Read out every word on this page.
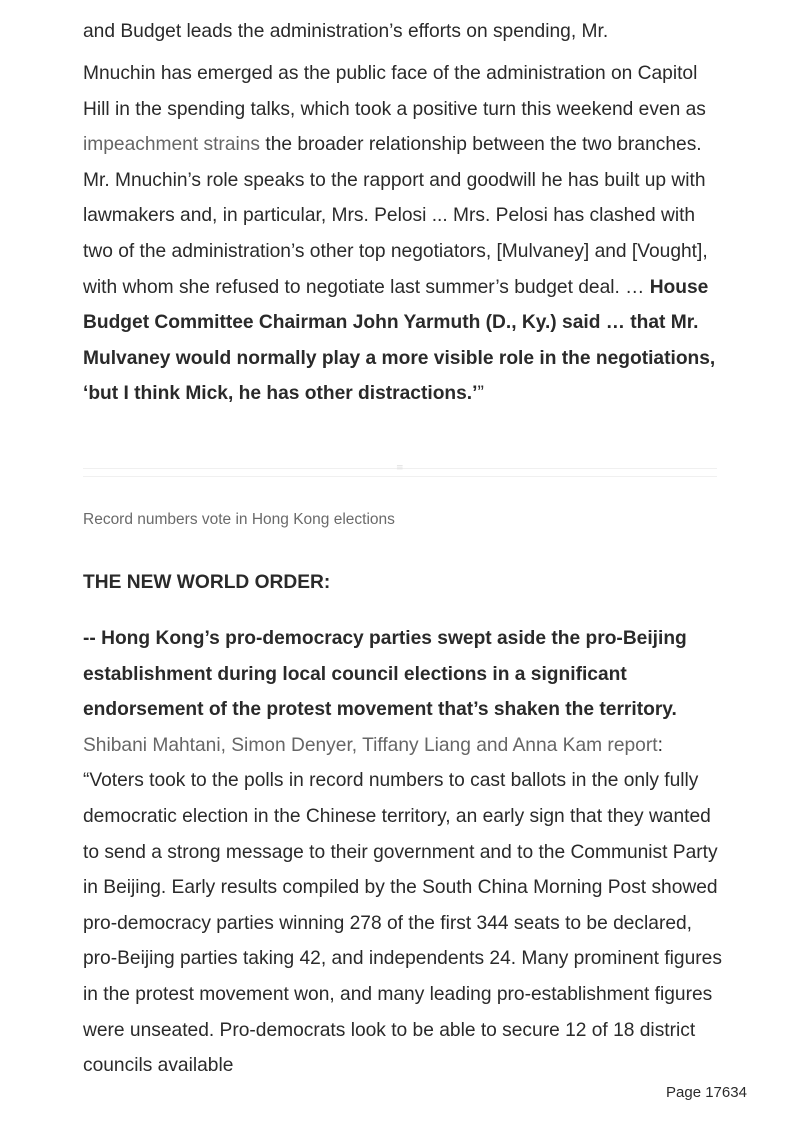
and Budget leads the administration’s efforts on spending, Mr.

Mnuchin has emerged as the public face of the administration on Capitol Hill in the spending talks, which took a positive turn this weekend even as impeachment strains the broader relationship between the two branches. Mr. Mnuchin’s role speaks to the rapport and goodwill he has built up with lawmakers and, in particular, Mrs. Pelosi ... Mrs. Pelosi has clashed with two of the administration’s other top negotiators, [Mulvaney] and [Vought], with whom she refused to negotiate last summer’s budget deal. … House Budget Committee Chairman John Yarmuth (D., Ky.) said … that Mr. Mulvaney would normally play a more visible role in the negotiations, ‘but I think Mick, he has other distractions.’”

≡
Record numbers vote in Hong Kong elections
THE NEW WORLD ORDER:

-- Hong Kong’s pro-democracy parties swept aside the pro-Beijing establishment during local council elections in a significant endorsement of the protest movement that’s shaken the territory. Shibani Mahtani, Simon Denyer, Tiffany Liang and Anna Kam report: “Voters took to the polls in record numbers to cast ballots in the only fully democratic election in the Chinese territory, an early sign that they wanted to send a strong message to their government and to the Communist Party in Beijing. Early results compiled by the South China Morning Post showed pro-democracy parties winning 278 of the first 344 seats to be declared, pro-Beijing parties taking 42, and independents 24. Many prominent figures in the protest movement won, and many leading pro-establishment figures were unseated. Pro-democrats look to be able to secure 12 of 18 district councils available

Page 17634
